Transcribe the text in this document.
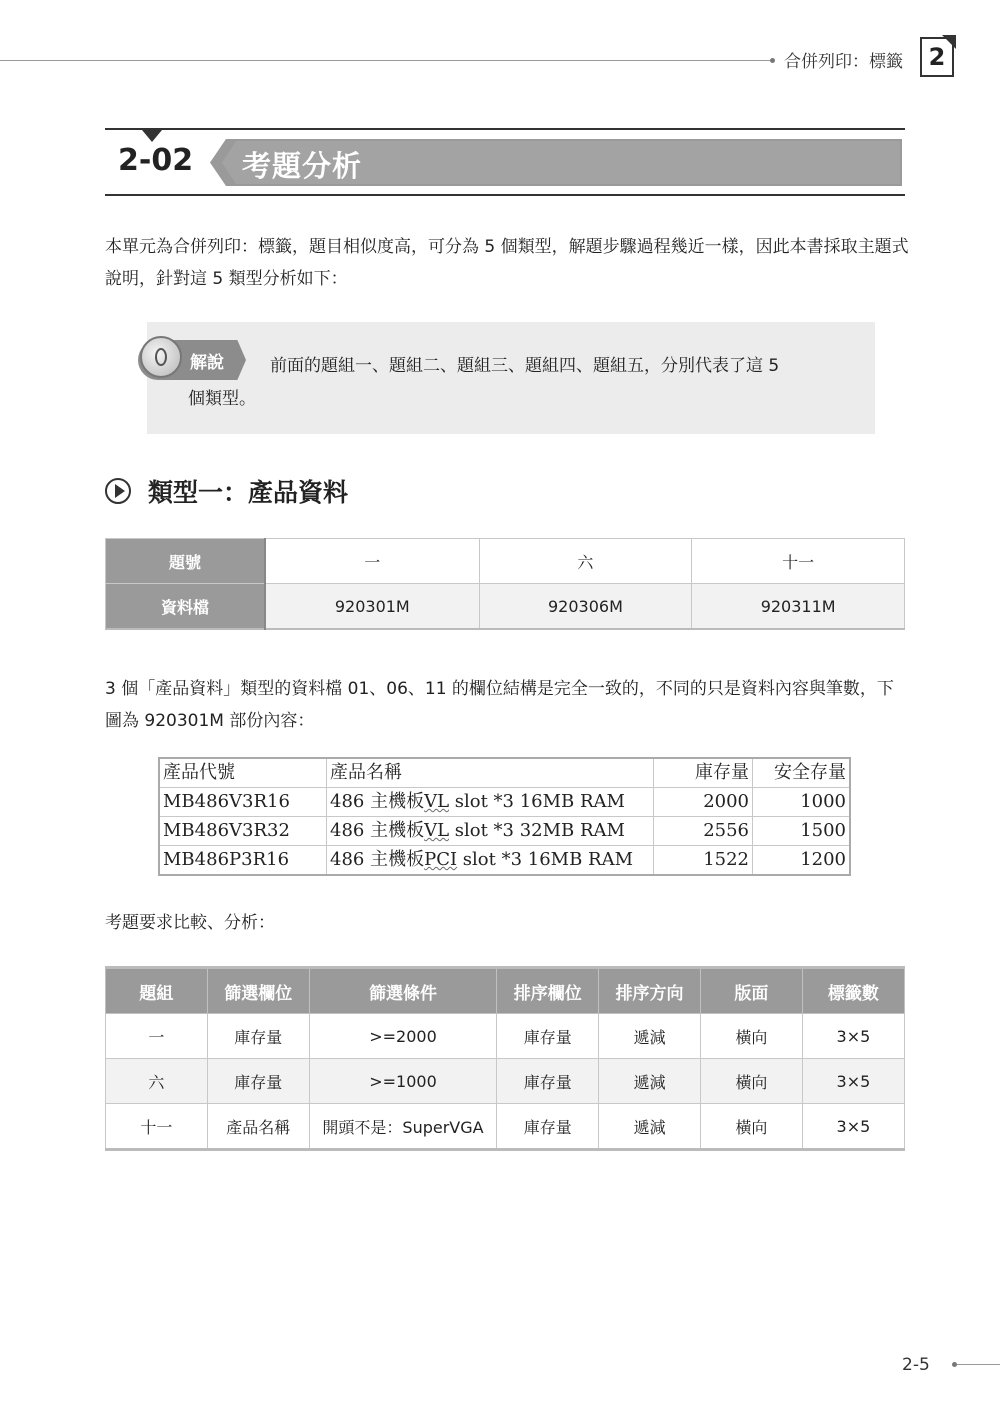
合併列印：標籤	2
2-02 考題分析
本單元為合併列印：標籤，題目相似度高，可分為 5 個類型，解題步驟過程幾近一樣，因此本書採取主題式說明，針對這 5 類型分析如下：
解說	前面的題組一、題組二、題組三、題組四、題組五，分別代表了這 5
個類型。
類型一：產品資料
題號	一	六	十一
資料檔	920301M	920306M	920311M
3 個「產品資料」類型的資料檔 01、06、11 的欄位結構是完全一致的，不同的只是資料內容與筆數，下圖為 920301M 部份內容：
產品代號	產品名稱	庫存量	安全存量
MB486V3R16	486 主機板VL slot *3 16MB RAM	2000	1000
MB486V3R32	486 主機板VL slot *3 32MB RAM	2556	1500
MB486P3R16	486 主機板PCI slot *3 16MB RAM	1522	1200
考題要求比較、分析：
題組	篩選欄位	篩選條件	排序欄位	排序方向	版面	標籤數
一	庫存量	>=2000	庫存量	遞減	橫向	3×5
六	庫存量	>=1000	庫存量	遞減	橫向	3×5
十一	產品名稱	開頭不是：SuperVGA	庫存量	遞減	橫向	3×5
2-5
